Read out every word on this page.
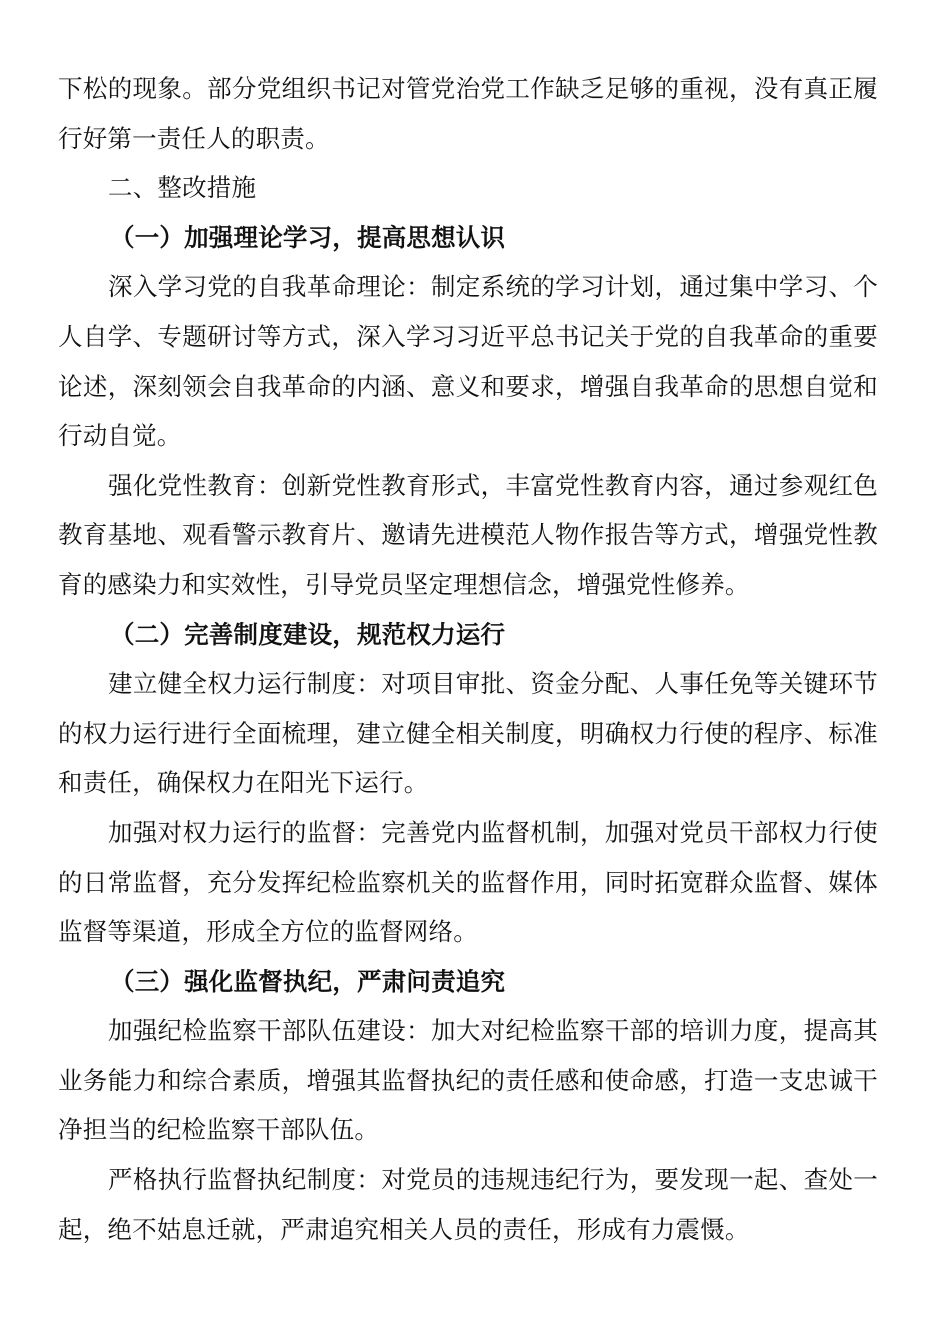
下松的现象。部分党组织书记对管党治党工作缺乏足够的重视，没有真正履行好第一责任人的职责。

二、整改措施

（一）加强理论学习，提高思想认识

深入学习党的自我革命理论：制定系统的学习计划，通过集中学习、个人自学、专题研讨等方式，深入学习习近平总书记关于党的自我革命的重要论述，深刻领会自我革命的内涵、意义和要求，增强自我革命的思想自觉和行动自觉。

强化党性教育：创新党性教育形式，丰富党性教育内容，通过参观红色教育基地、观看警示教育片、邀请先进模范人物作报告等方式，增强党性教育的感染力和实效性，引导党员坚定理想信念，增强党性修养。

（二）完善制度建设，规范权力运行

建立健全权力运行制度：对项目审批、资金分配、人事任免等关键环节的权力运行进行全面梳理，建立健全相关制度，明确权力行使的程序、标准和责任，确保权力在阳光下运行。

加强对权力运行的监督：完善党内监督机制，加强对党员干部权力行使的日常监督，充分发挥纪检监察机关的监督作用，同时拓宽群众监督、媒体监督等渠道，形成全方位的监督网络。

（三）强化监督执纪，严肃问责追究

加强纪检监察干部队伍建设：加大对纪检监察干部的培训力度，提高其业务能力和综合素质，增强其监督执纪的责任感和使命感，打造一支忠诚干净担当的纪检监察干部队伍。

严格执行监督执纪制度：对党员的违规违纪行为，要发现一起、查处一起，绝不姑息迁就，严肃追究相关人员的责任，形成有力震慑。
